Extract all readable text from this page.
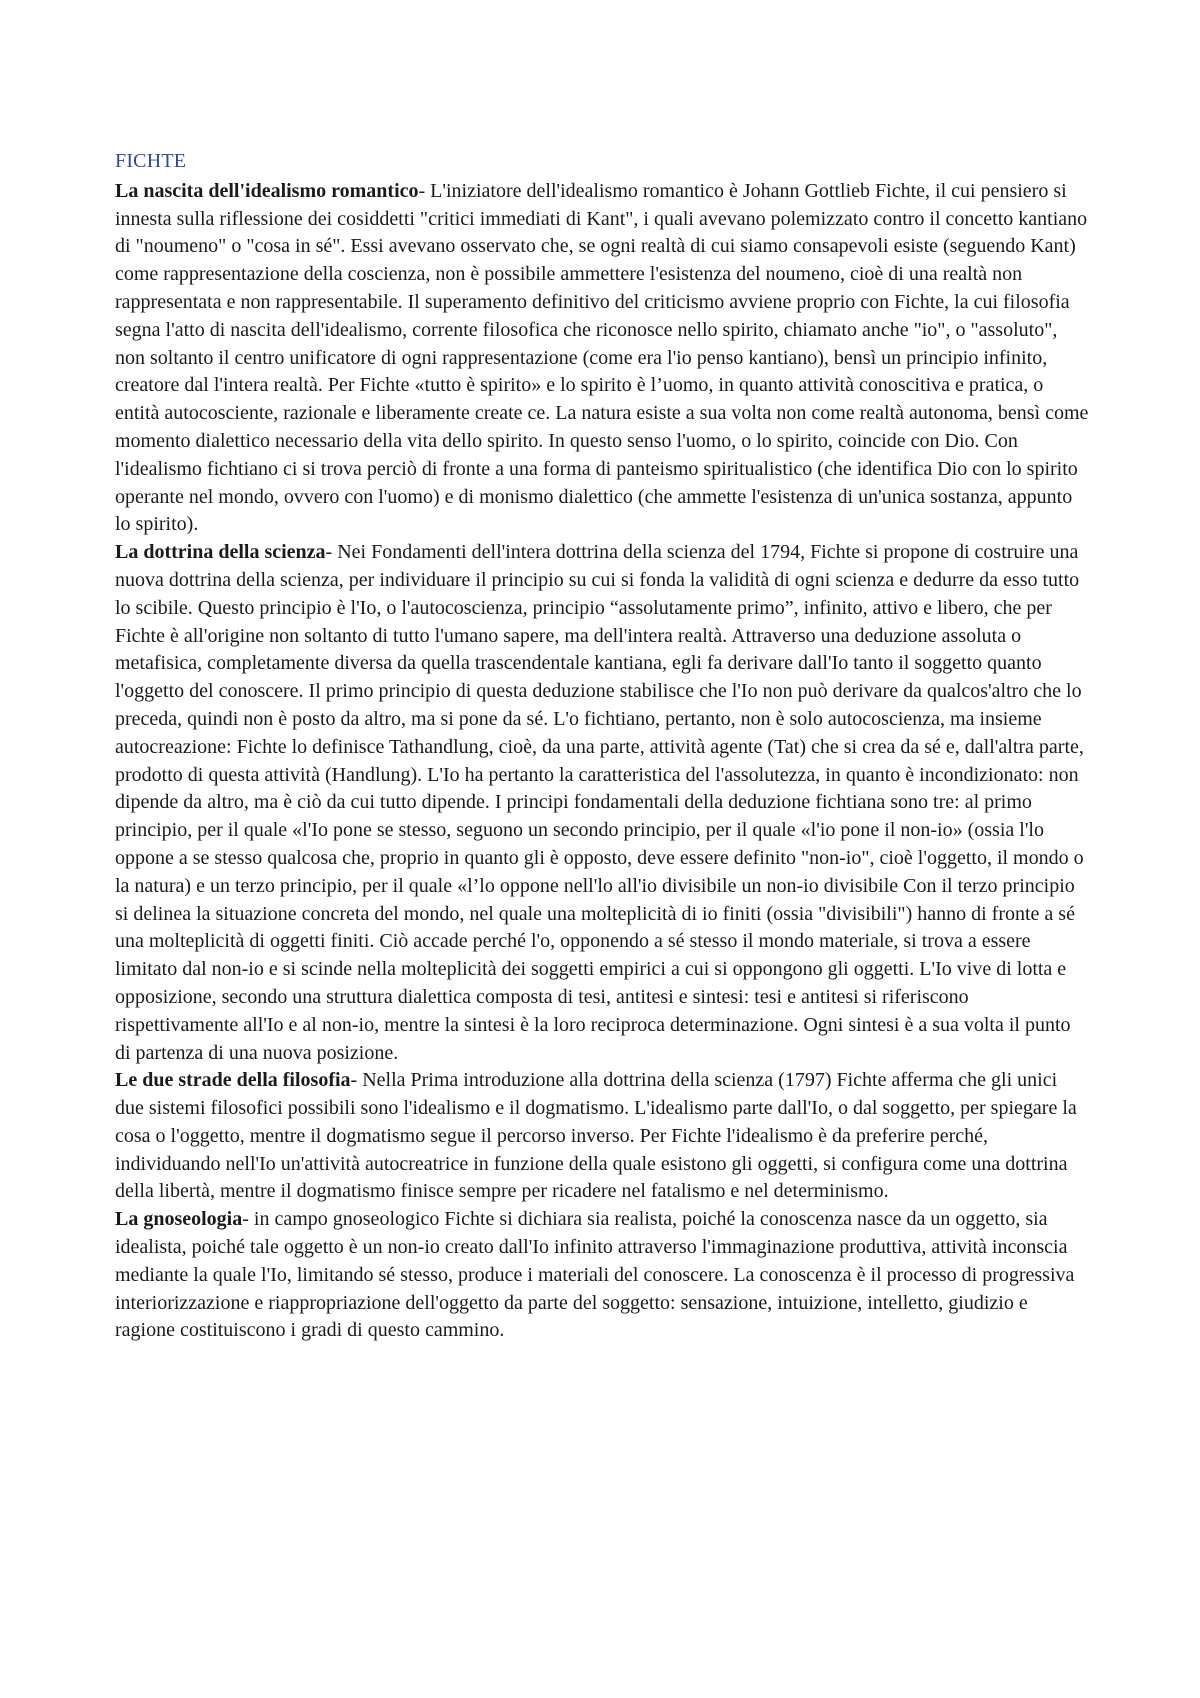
FICHTE

La nascita dell'idealismo romantico- L'iniziatore dell'idealismo romantico è Johann Gottlieb Fichte, il cui pensiero si innesta sulla riflessione dei cosiddetti "critici immediati di Kant", i quali avevano polemizzato contro il concetto kantiano di "noumeno" o "cosa in sé". Essi avevano osservato che, se ogni realtà di cui siamo consapevoli esiste (seguendo Kant) come rappresentazione della coscienza, non è possibile ammettere l'esistenza del noumeno, cioè di una realtà non rappresentata e non rappresentabile. Il superamento definitivo del criticismo avviene proprio con Fichte, la cui filosofia segna l'atto di nascita dell'idealismo, corrente filosofica che riconosce nello spirito, chiamato anche "io", o "assoluto", non soltanto il centro unificatore di ogni rappresentazione (come era l'io penso kantiano), bensì un principio infinito, creatore dal l'intera realtà. Per Fichte «tutto è spirito» e lo spirito è l’uomo, in quanto attività conoscitiva e pratica, o entità autocosciente, razionale e liberamente create ce. La natura esiste a sua volta non come realtà autonoma, bensì come momento dialettico necessario della vita dello spirito. In questo senso l'uomo, o lo spirito, coincide con Dio. Con l'idealismo fichtiano ci si trova perciò di fronte a una forma di panteismo spiritualistico (che identifica Dio con lo spirito operante nel mondo, ovvero con l'uomo) e di monismo dialettico (che ammette l'esistenza di un'unica sostanza, appunto lo spirito).

La dottrina della scienza- Nei Fondamenti dell'intera dottrina della scienza del 1794, Fichte si propone di costruire una nuova dottrina della scienza, per individuare il principio su cui si fonda la validità di ogni scienza e dedurre da esso tutto lo scibile. Questo principio è l'Io, o l'autocoscienza, principio “assolutamente primo”, infinito, attivo e libero, che per Fichte è all'origine non soltanto di tutto l'umano sapere, ma dell'intera realtà. Attraverso una deduzione assoluta o metafisica, completamente diversa da quella trascendentale kantiana, egli fa derivare dall'Io tanto il soggetto quanto l'oggetto del conoscere. Il primo principio di questa deduzione stabilisce che l'Io non può derivare da qualcos'altro che lo preceda, quindi non è posto da altro, ma si pone da sé. L'o fichtiano, pertanto, non è solo autocoscienza, ma insieme autocreazione: Fichte lo definisce Tathandlung, cioè, da una parte, attività agente (Tat) che si crea da sé e, dall'altra parte, prodotto di questa attività (Handlung). L'Io ha pertanto la caratteristica del l'assolutezza, in quanto è incondizionato: non dipende da altro, ma è ciò da cui tutto dipende. I principi fondamentali della deduzione fichtiana sono tre: al primo principio, per il quale «l'Io pone se stesso, seguono un secondo principio, per il quale «l'io pone il non-io» (ossia l'lo oppone a se stesso qualcosa che, proprio in quanto gli è opposto, deve essere definito "non-io", cioè l'oggetto, il mondo o la natura) e un terzo principio, per il quale «l’lo oppone nell'lo all'io divisibile un non-io divisibile Con il terzo principio si delinea la situazione concreta del mondo, nel quale una molteplicità di io finiti (ossia "divisibili") hanno di fronte a sé una molteplicità di oggetti finiti. Ciò accade perché l'o, opponendo a sé stesso il mondo materiale, si trova a essere limitato dal non-io e si scinde nella molteplicità dei soggetti empirici a cui si oppongono gli oggetti. L'Io vive di lotta e opposizione, secondo una struttura dialettica composta di tesi, antitesi e sintesi: tesi e antitesi si riferiscono rispettivamente all'Io e al non-io, mentre la sintesi è la loro reciproca determinazione. Ogni sintesi è a sua volta il punto di partenza di una nuova posizione.

Le due strade della filosofia- Nella Prima introduzione alla dottrina della scienza (1797) Fichte afferma che gli unici due sistemi filosofici possibili sono l'idealismo e il dogmatismo. L'idealismo parte dall'Io, o dal soggetto, per spiegare la cosa o l'oggetto, mentre il dogmatismo segue il percorso inverso. Per Fichte l'idealismo è da preferire perché, individuando nell'Io un'attività autocreatrice in funzione della quale esistono gli oggetti, si configura come una dottrina della libertà, mentre il dogmatismo finisce sempre per ricadere nel fatalismo e nel determinismo.

La gnoseologia- in campo gnoseologico Fichte si dichiara sia realista, poiché la conoscenza nasce da un oggetto, sia idealista, poiché tale oggetto è un non-io creato dall'Io infinito attraverso l'immaginazione produttiva, attività inconscia mediante la quale l'Io, limitando sé stesso, produce i materiali del conoscere. La conoscenza è il processo di progressiva interiorizzazione e riappropriazione dell'oggetto da parte del soggetto: sensazione, intuizione, intelletto, giudizio e ragione costituiscono i gradi di questo cammino.
